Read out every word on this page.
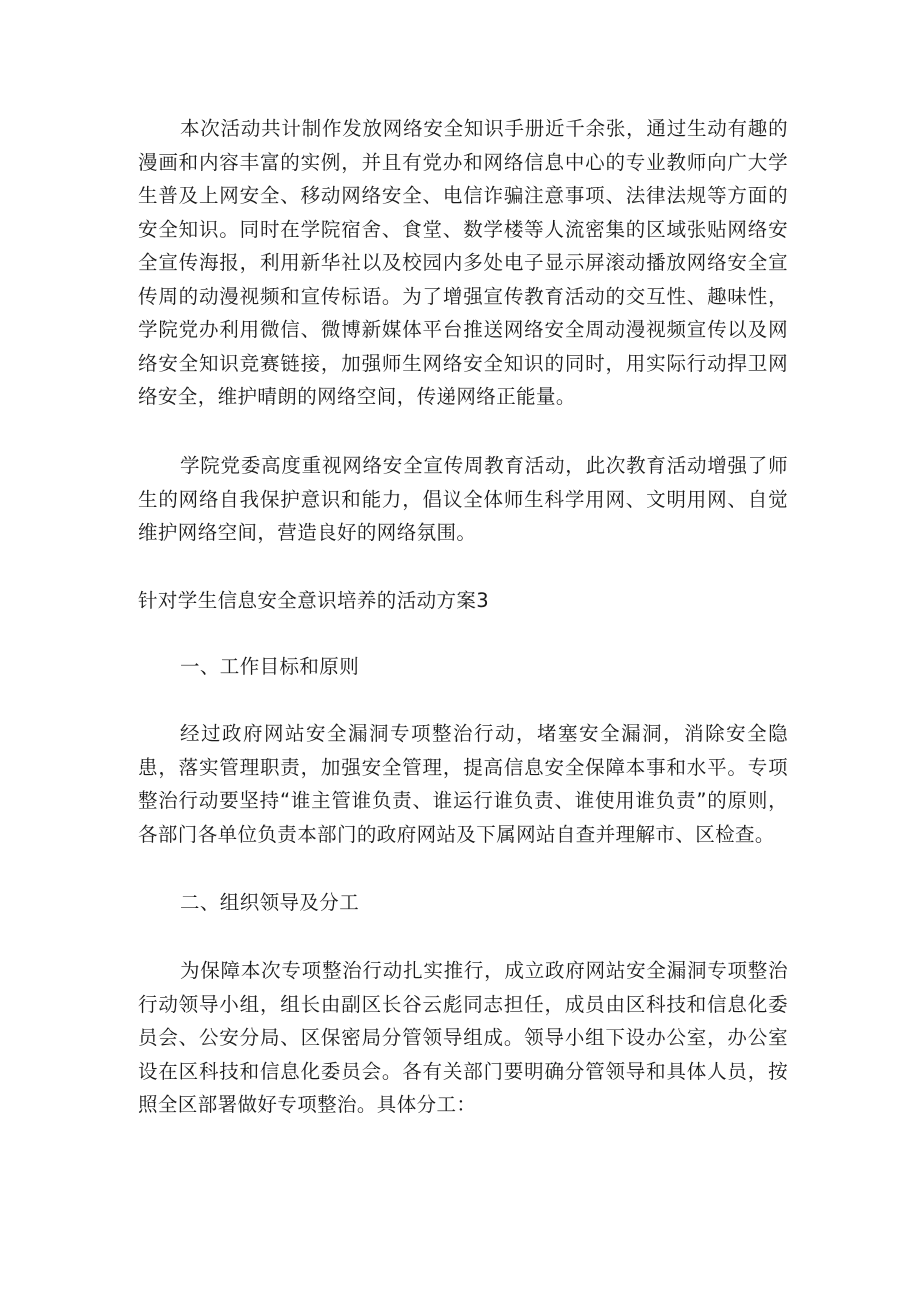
本次活动共计制作发放网络安全知识手册近千余张，通过生动有趣的漫画和内容丰富的实例，并且有党办和网络信息中心的专业教师向广大学生普及上网安全、移动网络安全、电信诈骗注意事项、法律法规等方面的安全知识。同时在学院宿舍、食堂、数学楼等人流密集的区域张贴网络安全宣传海报，利用新华社以及校园内多处电子显示屏滚动播放网络安全宣传周的动漫视频和宣传标语。为了增强宣传教育活动的交互性、趣味性，学院党办利用微信、微博新媒体平台推送网络安全周动漫视频宣传以及网络安全知识竞赛链接，加强师生网络安全知识的同时，用实际行动捍卫网络安全，维护晴朗的网络空间，传递网络正能量。

学院党委高度重视网络安全宣传周教育活动，此次教育活动增强了师生的网络自我保护意识和能力，倡议全体师生科学用网、文明用网、自觉维护网络空间，营造良好的网络氛围。

针对学生信息安全意识培养的活动方案3

一、工作目标和原则

经过政府网站安全漏洞专项整治行动，堵塞安全漏洞，消除安全隐患，落实管理职责，加强安全管理，提高信息安全保障本事和水平。专项整治行动要坚持“谁主管谁负责、谁运行谁负责、谁使用谁负责”的原则，各部门各单位负责本部门的政府网站及下属网站自查并理解市、区检查。

二、组织领导及分工

为保障本次专项整治行动扎实推行，成立政府网站安全漏洞专项整治行动领导小组，组长由副区长谷云彪同志担任，成员由区科技和信息化委员会、公安分局、区保密局分管领导组成。领导小组下设办公室，办公室设在区科技和信息化委员会。各有关部门要明确分管领导和具体人员，按照全区部署做好专项整治。具体分工：
